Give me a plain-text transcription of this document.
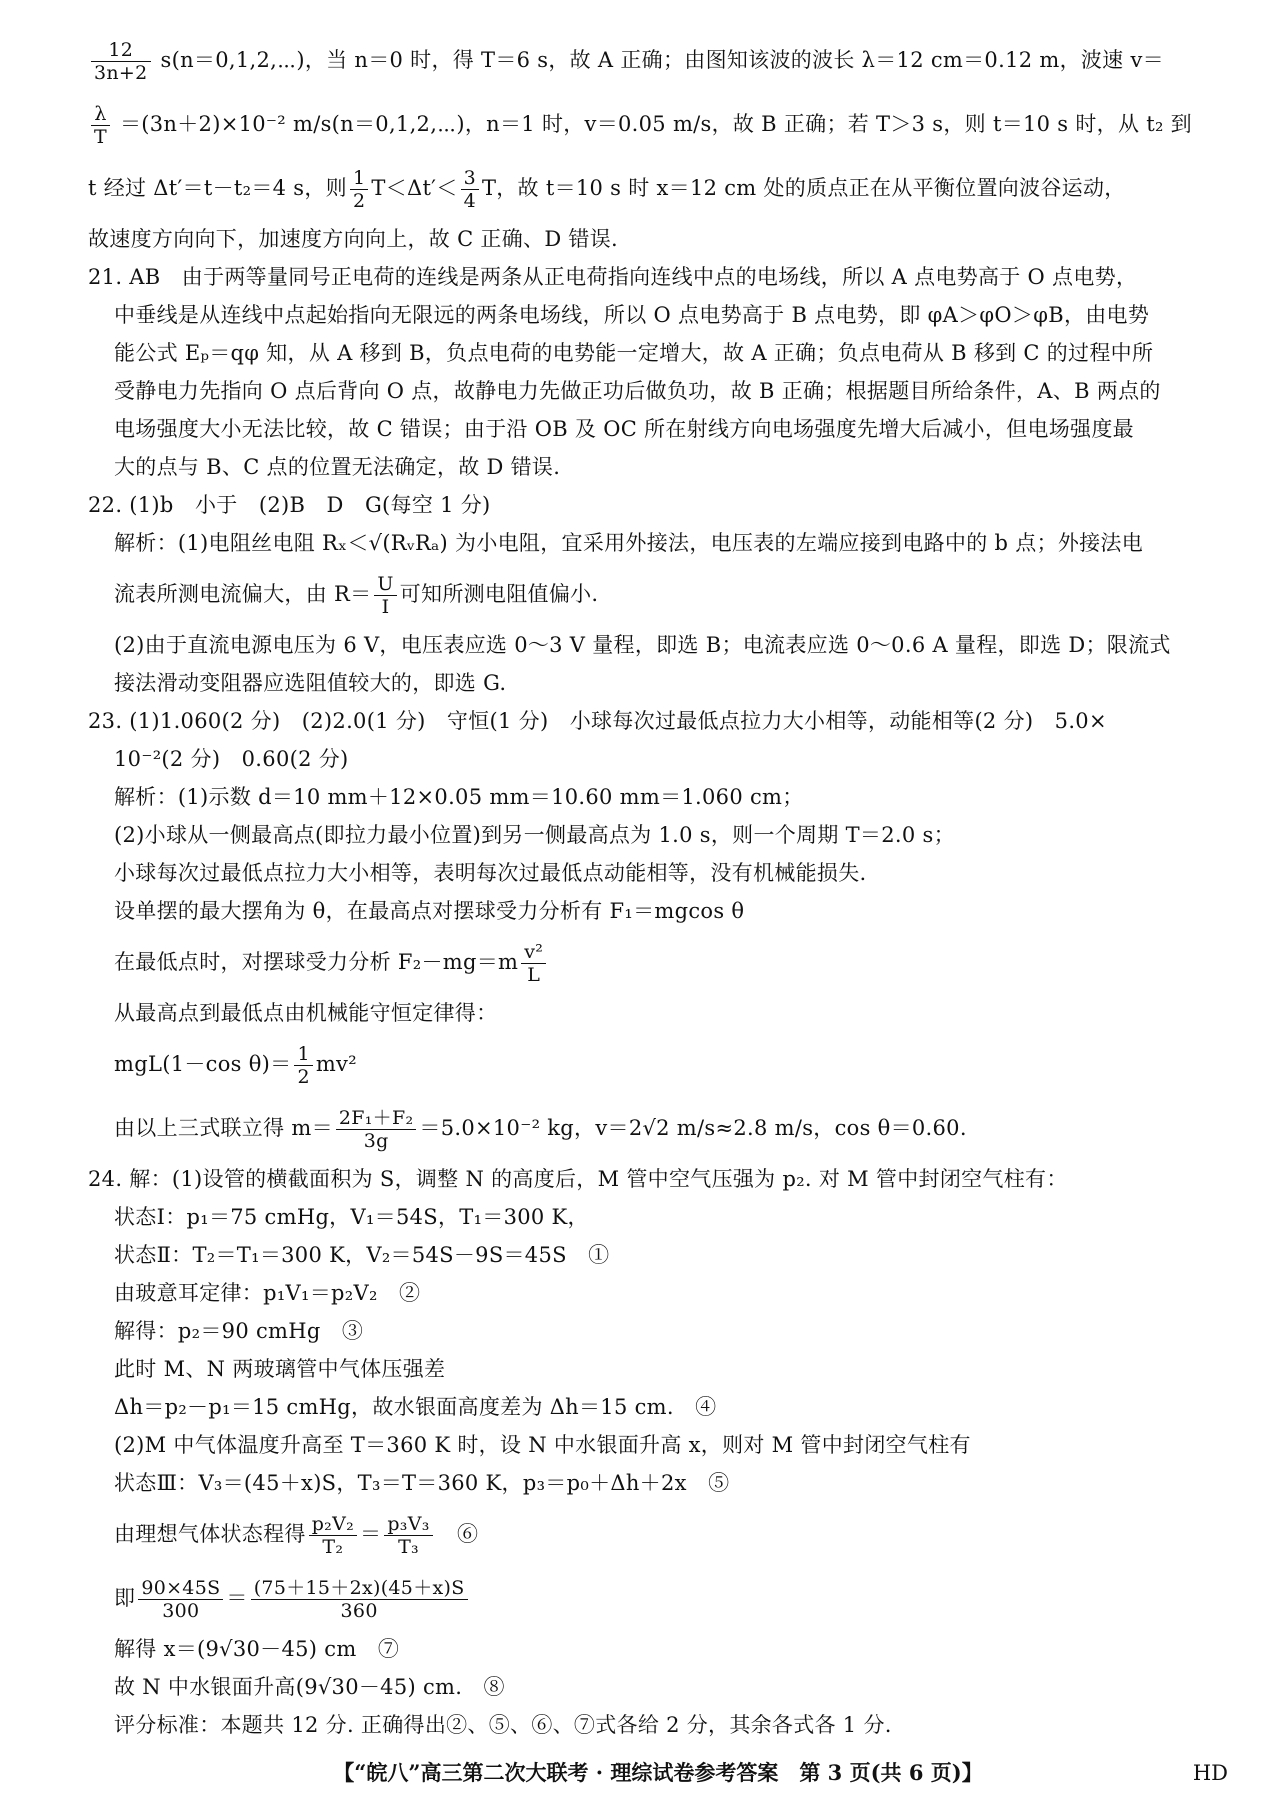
$\frac{12}{3n+2}$ s(n＝0,1,2,⋯)，当 n＝0 时，得 T＝6 s，故 A 正确；由图知该波的波长 λ＝12 cm＝0.12 m，波速 v＝
$\frac{\lambda}{T} =(3n+2)\times 10^{-2}$ m/s(n＝0,1,2,⋯)，n＝1 时，v＝0.05 m/s，故 B 正确；若 T＞3 s，则 t＝10 s 时，从 t₂ 到
t 经过 Δt′＝t－t₂＝4 s，则 $\frac{1}{2} T<\Delta t'< \frac{3}{4}$ T，故 t＝10 s 时 x＝12 cm 处的质点正在从平衡位置向波谷运动，
故速度方向向下，加速度方向向上，故 C 正确、D 错误.
21. AB　由于两等量同号正电荷的连线是两条从正电荷指向连线中点的电场线，所以 A 点电势高于 O 点电势，
中垂线是从连线中点起始指向无限远的两条电场线，所以 O 点电势高于 B 点电势，即 φA＞φO＞φB，由电势
能公式 Eₚ＝qφ 知，从 A 移到 B，负点电荷的电势能一定增大，故 A 正确；负点电荷从 B 移到 C 的过程中所
受静电力先指向 O 点后背向 O 点，故静电力先做正功后做负功，故 B 正确；根据题目所给条件，A、B 两点的
电场强度大小无法比较，故 C 错误；由于沿 OB 及 OC 所在射线方向电场强度先增大后减小，但电场强度最
大的点与 B、C 点的位置无法确定，故 D 错误.
22. (1)b　小于　(2)B　D　G(每空 1 分)
解析：(1)电阻丝电阻 Rₓ＜√(RᵥRₐ) 为小电阻，宜采用外接法，电压表的左端应接到电路中的 b 点；外接法电
流表所测电流偏大，由 $R= \frac{U}{I}$ 可知所测电阻值偏小.
(2)由于直流电源电压为 6 V，电压表应选 0～3 V 量程，即选 B；电流表应选 0～0.6 A 量程，即选 D；限流式
接法滑动变阻器应选阻值较大的，即选 G.
23. (1)1.060(2 分)　(2)2.0(1 分)　守恒(1 分)　小球每次过最低点拉力大小相等，动能相等(2 分)　5.0×
10⁻²(2 分)　0.60(2 分)
解析：(1)示数 d＝10 mm＋12×0.05 mm＝10.60 mm＝1.060 cm；
(2)小球从一侧最高点(即拉力最小位置)到另一侧最高点为 1.0 s，则一个周期 T＝2.0 s；
小球每次过最低点拉力大小相等，表明每次过最低点动能相等，没有机械能损失.
设单摆的最大摆角为 θ，在最高点对摆球受力分析有 F₁＝mgcos θ
在最低点时，对摆球受力分析 $F_2-mg=m \frac{\text{v²}}{L}$
从最高点到最低点由机械能守恒定律得：
mgL(1－cos $\theta)= \frac{1}{2} mv^2$
由以上三式联立得 $m= \frac{\text{2F₁＋F₂}}{3g} =5.0\times 10^{-2}$ kg，v＝2√2 m/s≈2.8 m/s，cos θ＝0.60.
24. 解：(1)设管的横截面积为 S，调整 N 的高度后，M 管中空气压强为 p₂. 对 M 管中封闭空气柱有：
状态Ⅰ：p₁＝75 cmHg，V₁＝54S，T₁＝300 K，
状态Ⅱ：T₂＝T₁＝300 K，V₂＝54S－9S＝45S　①
由玻意耳定律：p₁V₁＝p₂V₂　②
解得：p₂＝90 cmHg　③
此时 M、N 两玻璃管中气体压强差
Δh＝p₂－p₁＝15 cmHg，故水银面高度差为 Δh＝15 cm.　④
(2)M 中气体温度升高至 T＝360 K 时，设 N 中水银面升高 x，则对 M 管中封闭空气柱有
状态Ⅲ：V₃＝(45＋x)S，T₃＝T＝360 K，p₃＝p₀＋Δh＋2x　⑤
由理想气体状态程得 $\frac{\text{p₂V₂}}{\text{T₂}} = \frac{\text{p₃V₃}}{\text{T₃}}$ 　⑥
即 $\frac{90\times 45S}{300} = \frac{(75+15+2x)(45+x)S}{360}$
解得 x＝(9√30－45) cm　⑦
故 N 中水银面升高(9√30－45) cm.　⑧
评分标准：本题共 12 分. 正确得出②、⑤、⑥、⑦式各给 2 分，其余各式各 1 分.
【“皖八”高三第二次大联考 · 理综试卷参考答案　第 3 页(共 6 页)】	HD
